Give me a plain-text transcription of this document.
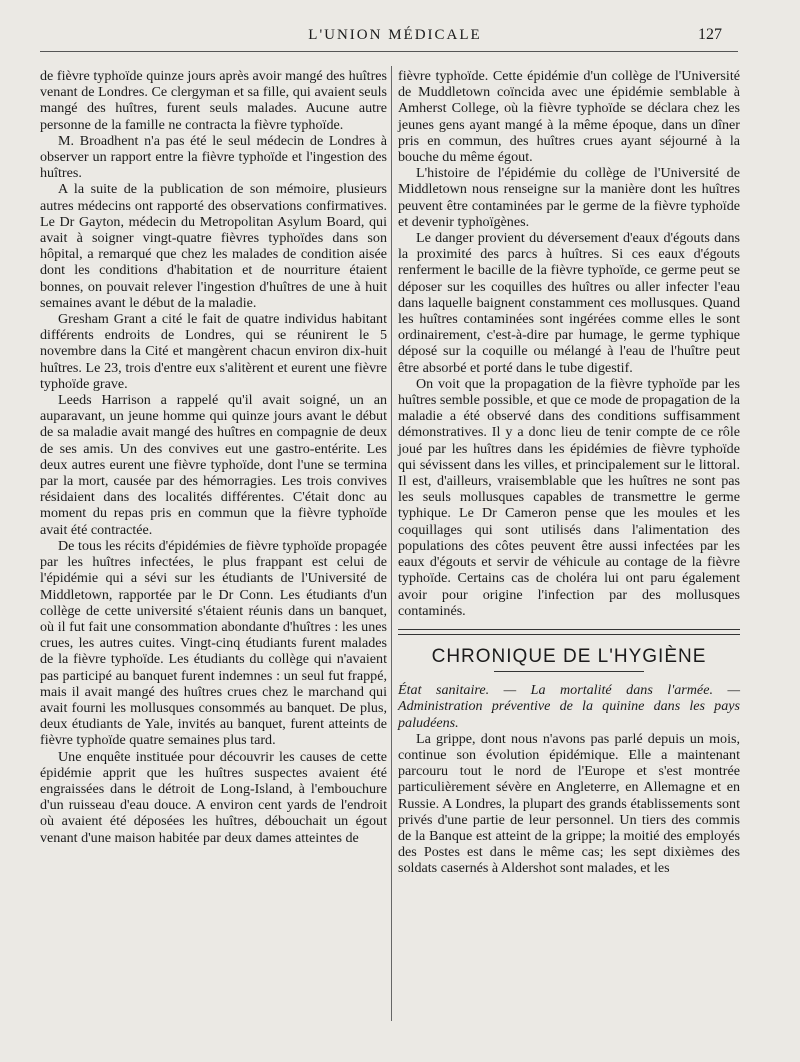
L'UNION MÉDICALE	127

de fièvre typhoïde quinze jours après avoir mangé des huîtres venant de Londres. Ce clergyman et sa fille, qui avaient seuls mangé des huîtres, furent seuls malades. Aucune autre personne de la famille ne contracta la fièvre typhoïde.

M. Broadhent n'a pas été le seul médecin de Londres à observer un rapport entre la fièvre typhoïde et l'ingestion des huîtres.

A la suite de la publication de son mémoire, plusieurs autres médecins ont rapporté des observations confirmatives. Le Dr Gayton, médecin du Metropolitan Asylum Board, qui avait à soigner vingt-quatre fièvres typhoïdes dans son hôpital, a remarqué que chez les malades de condition aisée dont les conditions d'habitation et de nourriture étaient bonnes, on pouvait relever l'ingestion d'huîtres de une à huit semaines avant le début de la maladie.

Gresham Grant a cité le fait de quatre individus habitant différents endroits de Londres, qui se réunirent le 5 novembre dans la Cité et mangèrent chacun environ dix-huit huîtres. Le 23, trois d'entre eux s'alitèrent et eurent une fièvre typhoïde grave.

Leeds Harrison a rappelé qu'il avait soigné, un an auparavant, un jeune homme qui quinze jours avant le début de sa maladie avait mangé des huîtres en compagnie de deux de ses amis. Un des convives eut une gastro-entérite. Les deux autres eurent une fièvre typhoïde, dont l'une se termina par la mort, causée par des hémorragies. Les trois convives résidaient dans des localités différentes. C'était donc au moment du repas pris en commun que la fièvre typhoïde avait été contractée.

De tous les récits d'épidémies de fièvre typhoïde propagée par les huîtres infectées, le plus frappant est celui de l'épidémie qui a sévi sur les étudiants de l'Université de Middletown, rapportée par le Dr Conn. Les étudiants d'un collège de cette université s'étaient réunis dans un banquet, où il fut fait une consommation abondante d'huîtres : les unes crues, les autres cuites. Vingt-cinq étudiants furent malades de la fièvre typhoïde. Les étudiants du collège qui n'avaient pas participé au banquet furent indemnes : un seul fut frappé, mais il avait mangé des huîtres crues chez le marchand qui avait fourni les mollusques consommés au banquet. De plus, deux étudiants de Yale, invités au banquet, furent atteints de fièvre typhoïde quatre semaines plus tard.

Une enquête instituée pour découvrir les causes de cette épidémie apprit que les huîtres suspectes avaient été engraissées dans le détroit de Long-Island, à l'embouchure d'un ruisseau d'eau douce. A environ cent yards de l'endroit où avaient été déposées les huîtres, débouchait un égout venant d'une maison habitée par deux dames atteintes de

fièvre typhoïde. Cette épidémie d'un collège de l'Université de Muddletown coïncida avec une épidémie semblable à Amherst College, où la fièvre typhoïde se déclara chez les jeunes gens ayant mangé à la même époque, dans un dîner pris en commun, des huîtres crues ayant séjourné à la bouche du même égout.

L'histoire de l'épidémie du collège de l'Université de Middletown nous renseigne sur la manière dont les huîtres peuvent être contaminées par le germe de la fièvre typhoïde et devenir typhoïgènes.

Le danger provient du déversement d'eaux d'égouts dans la proximité des parcs à huîtres. Si ces eaux d'égouts renferment le bacille de la fièvre typhoïde, ce germe peut se déposer sur les coquilles des huîtres ou aller infecter l'eau dans laquelle baignent constamment ces mollusques. Quand les huîtres contaminées sont ingérées comme elles le sont ordinairement, c'est-à-dire par humage, le germe typhique déposé sur la coquille ou mélangé à l'eau de l'huître peut être absorbé et porté dans le tube digestif.

On voit que la propagation de la fièvre typhoïde par les huîtres semble possible, et que ce mode de propagation de la maladie a été observé dans des conditions suffisamment démonstratives. Il y a donc lieu de tenir compte de ce rôle joué par les huîtres dans les épidémies de fièvre typhoïde qui sévissent dans les villes, et principalement sur le littoral. Il est, d'ailleurs, vraisemblable que les huîtres ne sont pas les seuls mollusques capables de transmettre le germe typhique. Le Dr Cameron pense que les moules et les coquillages qui sont utilisés dans l'alimentation des populations des côtes peuvent être aussi infectées par les eaux d'égouts et servir de véhicule au contage de la fièvre typhoïde. Certains cas de choléra lui ont paru également avoir pour origine l'infection par des mollusques contaminés.

CHRONIQUE DE L'HYGIÈNE

État sanitaire. — La mortalité dans l'armée. — Administration préventive de la quinine dans les pays paludéens.

La grippe, dont nous n'avons pas parlé depuis un mois, continue son évolution épidémique. Elle a maintenant parcouru tout le nord de l'Europe et s'est montrée particulièrement sévère en Angleterre, en Allemagne et en Russie. A Londres, la plupart des grands établissements sont privés d'une partie de leur personnel. Un tiers des commis de la Banque est atteint de la grippe; la moitié des employés des Postes est dans le même cas; les sept dixièmes des soldats casernés à Aldershot sont malades, et les
